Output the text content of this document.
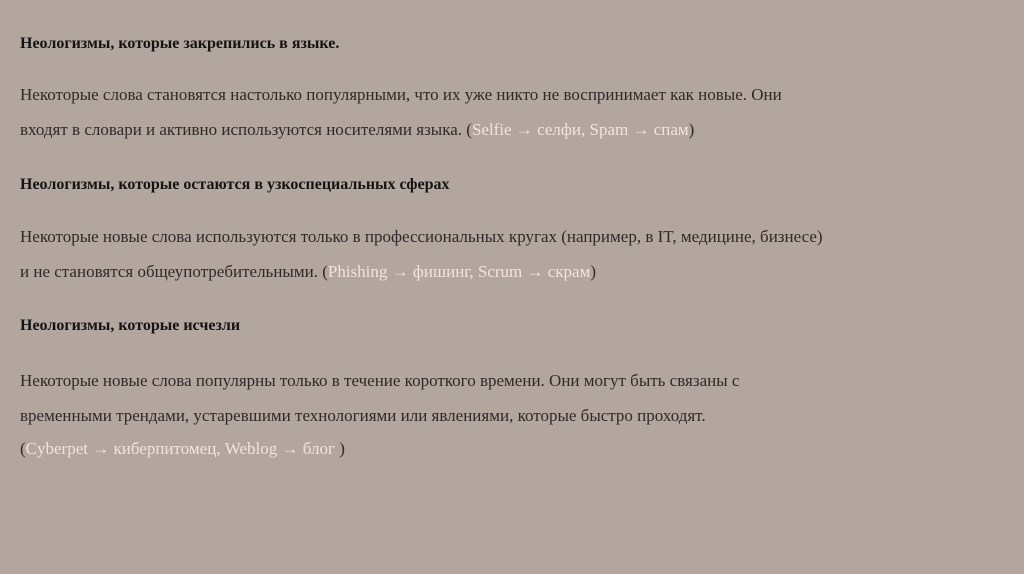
Неологизмы, которые закрепились в языке.

Некоторые слова становятся настолько популярными, что их уже никто не воспринимает как новые. Они
входят в словари и активно используются носителями языка. (Selfie → селфи, Spam → спам)

Неологизмы, которые остаются в узкоспециальных сферах

Некоторые новые слова используются только в профессиональных кругах (например, в IT, медицине, бизнесе)
и не становятся общеупотребительными. (Phishing → фишинг, Scrum → скрам)

Неологизмы, которые исчезли

Некоторые новые слова популярны только в течение короткого времени. Они могут быть связаны с
временными трендами, устаревшими технологиями или явлениями, которые быстро проходят.
(Cyberpet → киберпитомец, Weblog → блог )
